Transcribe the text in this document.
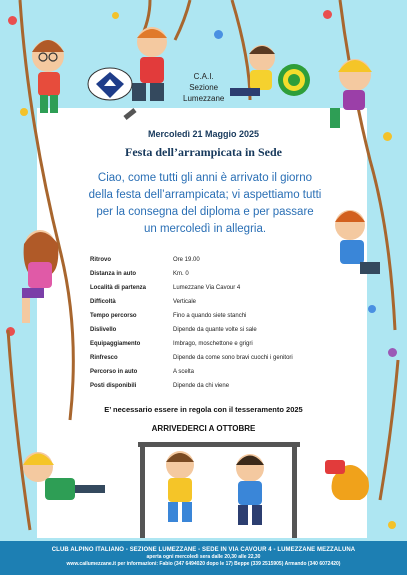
C.A.I.
Sezione
Lumezzane
Mercoledì 21 Maggio 2025
Festa dell’arrampicata in Sede
Ciao, come tutti gli anni è arrivato il giorno
della festa dell’arrampicata; vi aspettiamo tutti
per la consegna del diploma e per passare
un mercoledì in allegria.
Ritrovo	Ore 19.00
Distanza in auto	Km. 0
Località di partenza	Lumezzane Via Cavour 4
Difficoltà	Verticale
Tempo percorso	Fino a quando siete stanchi
Dislivello	Dipende da quante volte si sale
Equipaggiamento	Imbrago, moschettone e grigri
Rinfresco	Dipende da come sono bravi cuochi i genitori
Percorso in auto	A scelta
Posti disponibili	Dipende da chi viene
E’ necessario essere in regola con il tesseramento 2025
ARRIVEDERCI A OTTOBRE
CLUB ALPINO ITALIANO - SEZIONE LUMEZZANE - SEDE IN VIA CAVOUR 4 - LUMEZZANE MEZZALUNA
aperta ogni mercoledì sera dalle 20,30 alle 22,30
www.cailumezzane.it per informazioni: Fabio (347 6494020 dopo le 17) Beppe (339 2515905) Armando (340 6072420)
